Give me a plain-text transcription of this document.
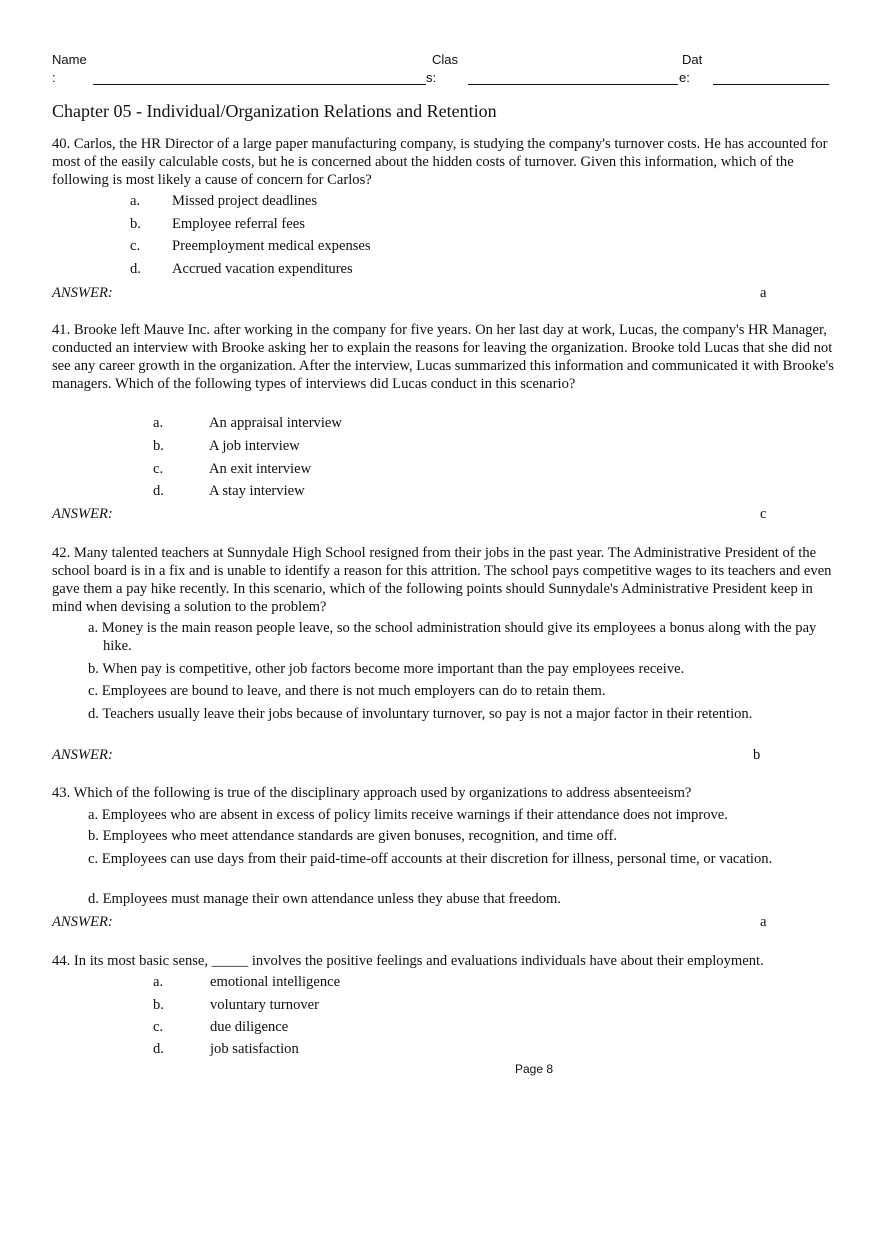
Name
:
Clas
s:
Dat
e:
Chapter 05 - Individual/Organization Relations and Retention
40. Carlos, the HR Director of a large paper manufacturing company, is studying the company's turnover costs. He has accounted for most of the easily calculable costs, but he is concerned about the hidden costs of turnover. Given this information, which of the following is most likely a cause of concern for Carlos?
a. Missed project deadlines
b. Employee referral fees
c. Preemployment medical expenses
d. Accrued vacation expenditures
ANSWER:	a
41. Brooke left Mauve Inc. after working in the company for five years. On her last day at work, Lucas, the company's HR Manager, conducted an interview with Brooke asking her to explain the reasons for leaving the organization. Brooke told Lucas that she did not see any career growth in the organization. After the interview, Lucas summarized this information and communicated it with Brooke's managers. Which of the following types of interviews did Lucas conduct in this scenario?
a.	An appraisal interview
b.	A job interview
c.	An exit interview
d.	A stay interview
ANSWER:	c
42. Many talented teachers at Sunnydale High School resigned from their jobs in the past year. The Administrative President of the school board is in a fix and is unable to identify a reason for this attrition. The school pays competitive wages to its teachers and even gave them a pay hike recently. In this scenario, which of the following points should Sunnydale's Administrative President keep in mind when devising a solution to the problem?
a. Money is the main reason people leave, so the school administration should give its employees a bonus along with the pay hike.
b. When pay is competitive, other job factors become more important than the pay employees receive.
c. Employees are bound to leave, and there is not much employers can do to retain them.
d. Teachers usually leave their jobs because of involuntary turnover, so pay is not a major factor in their retention.
ANSWER:	b
43. Which of the following is true of the disciplinary approach used by organizations to address absenteeism?
a. Employees who are absent in excess of policy limits receive warnings if their attendance does not improve.
b. Employees who meet attendance standards are given bonuses, recognition, and time off.
c. Employees can use days from their paid-time-off accounts at their discretion for illness, personal time, or vacation.
d. Employees must manage their own attendance unless they abuse that freedom.
ANSWER:	a
44. In its most basic sense, _____ involves the positive feelings and evaluations individuals have about their employment.
a.	emotional intelligence
b.	voluntary turnover
c.	due diligence
d.	job satisfaction
Page 8
